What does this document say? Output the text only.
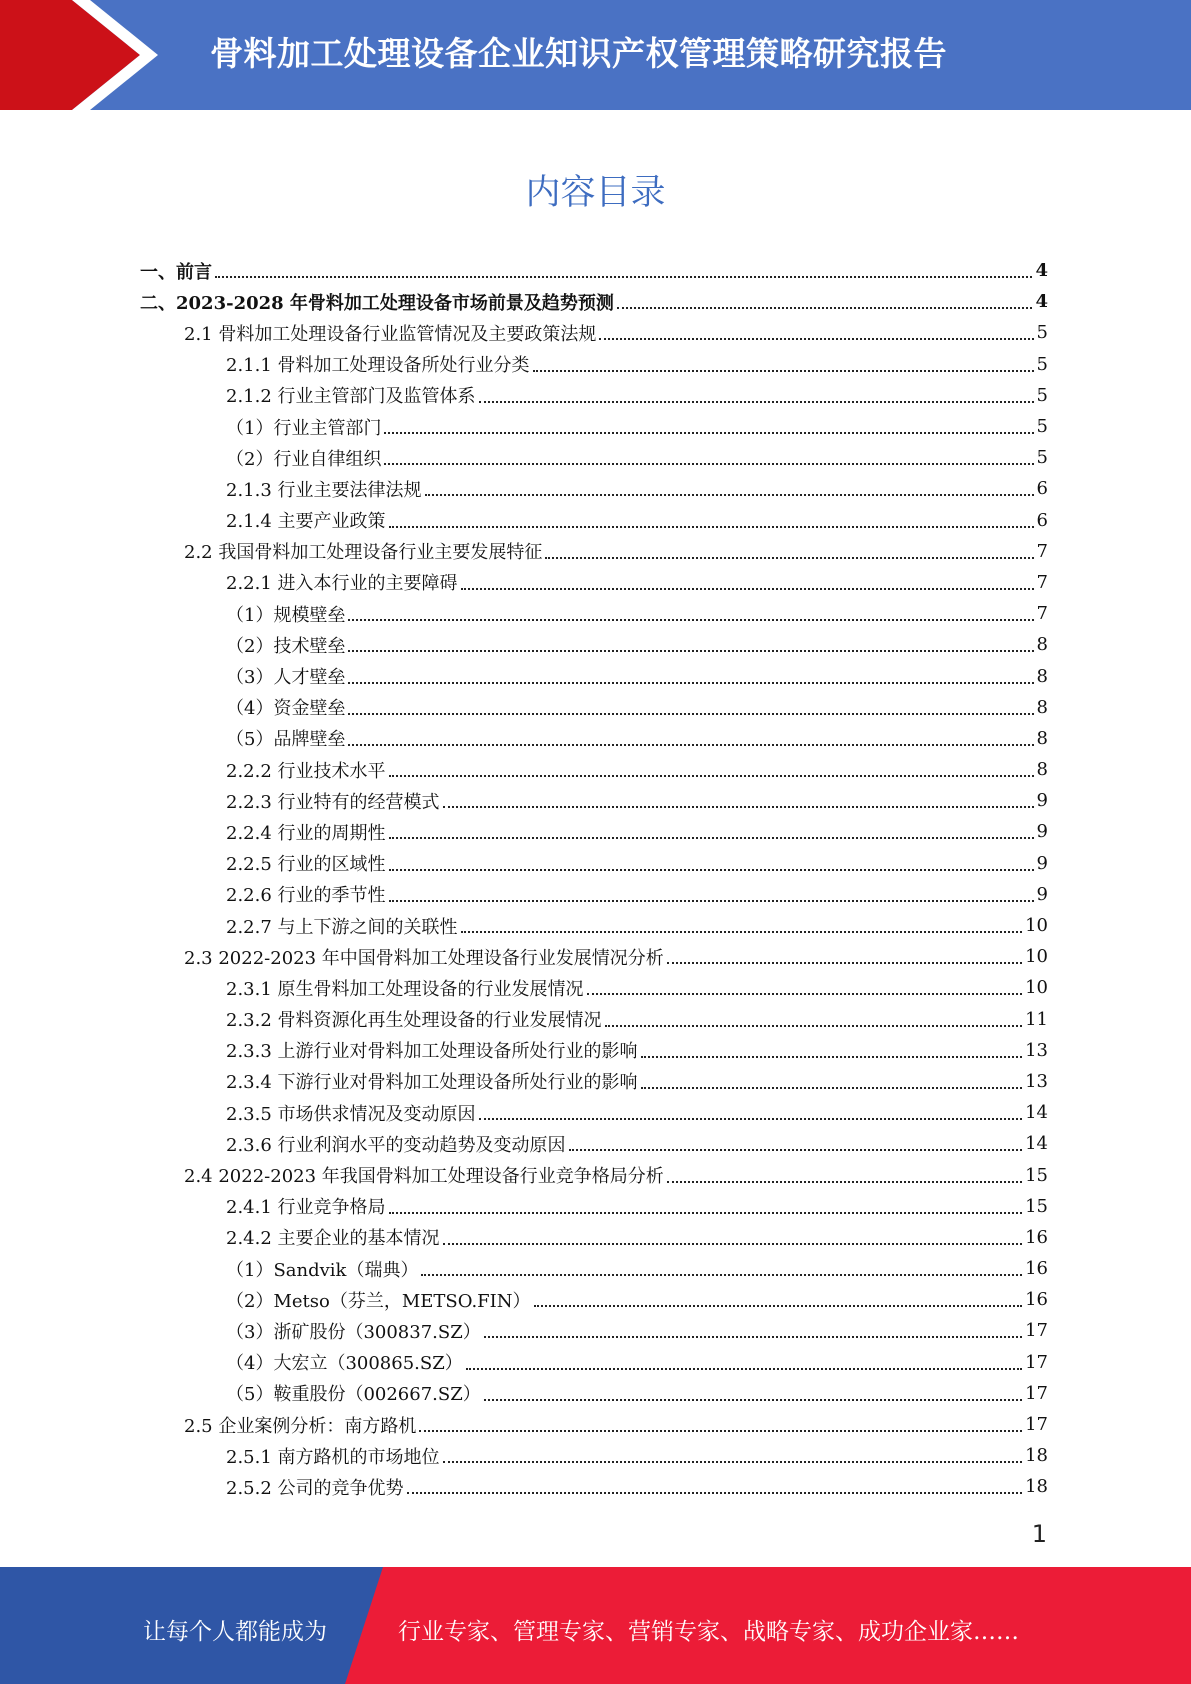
骨料加工处理设备企业知识产权管理策略研究报告
内容目录
一、前言	4
二、2023-2028 年骨料加工处理设备市场前景及趋势预测	4
2.1 骨料加工处理设备行业监管情况及主要政策法规	5
2.1.1 骨料加工处理设备所处行业分类	5
2.1.2 行业主管部门及监管体系	5
（1）行业主管部门	5
（2）行业自律组织	5
2.1.3 行业主要法律法规	6
2.1.4 主要产业政策	6
2.2 我国骨料加工处理设备行业主要发展特征	7
2.2.1 进入本行业的主要障碍	7
（1）规模壁垒	7
（2）技术壁垒	8
（3）人才壁垒	8
（4）资金壁垒	8
（5）品牌壁垒	8
2.2.2 行业技术水平	8
2.2.3 行业特有的经营模式	9
2.2.4 行业的周期性	9
2.2.5 行业的区域性	9
2.2.6 行业的季节性	9
2.2.7 与上下游之间的关联性	10
2.3 2022-2023 年中国骨料加工处理设备行业发展情况分析	10
2.3.1 原生骨料加工处理设备的行业发展情况	10
2.3.2 骨料资源化再生处理设备的行业发展情况	11
2.3.3 上游行业对骨料加工处理设备所处行业的影响	13
2.3.4 下游行业对骨料加工处理设备所处行业的影响	13
2.3.5 市场供求情况及变动原因	14
2.3.6 行业利润水平的变动趋势及变动原因	14
2.4 2022-2023 年我国骨料加工处理设备行业竞争格局分析	15
2.4.1 行业竞争格局	15
2.4.2 主要企业的基本情况	16
（1）Sandvik（瑞典）	16
（2）Metso（芬兰，METSO.FIN）	16
（3）浙矿股份（300837.SZ）	17
（4）大宏立（300865.SZ）	17
（5）鞍重股份（002667.SZ）	17
2.5 企业案例分析：南方路机	17
2.5.1 南方路机的市场地位	18
2.5.2 公司的竞争优势	18
1
让每个人都能成为	行业专家、管理专家、营销专家、战略专家、成功企业家……
